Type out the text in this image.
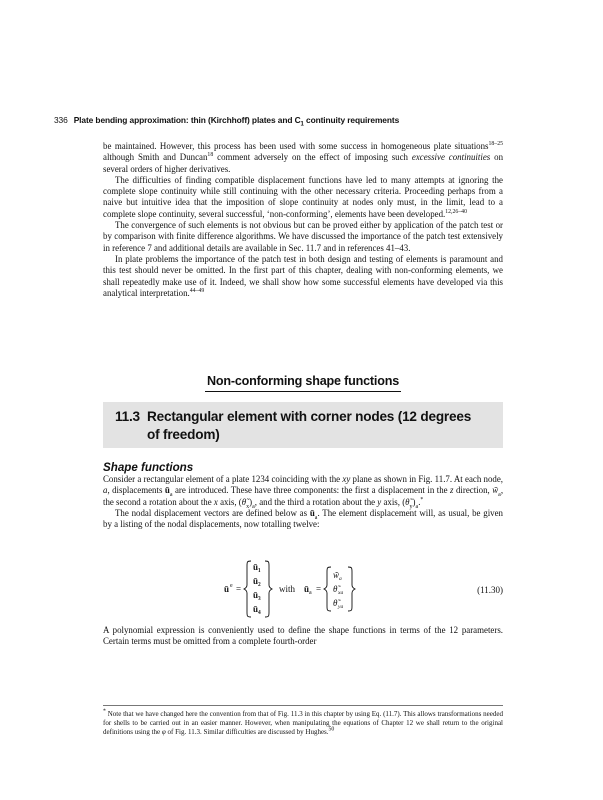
336 Plate bending approximation: thin (Kirchhoff) plates and $C_1$ continuity requirements

be maintained. However, this process has been used with some success in homogeneous plate situations$^{18-25}$ although Smith and Duncan$^{18}$ comment adversely on the effect of imposing such excessive continuities on several orders of higher derivatives.

The difficulties of finding compatible displacement functions have led to many attempts at ignoring the complete slope continuity while still continuing with the other necessary criteria. Proceeding perhaps from a naive but intuitive idea that the imposition of slope continuity at nodes only must, in the limit, lead to a complete slope continuity, several successful, ‘non-conforming’, elements have been developed.$^{12,26-40}$

The convergence of such elements is not obvious but can be proved either by application of the patch test or by comparison with finite difference algorithms. We have discussed the importance of the patch test extensively in reference 7 and additional details are available in Sec. 11.7 and in references 41–43.

In plate problems the importance of the patch test in both design and testing of elements is paramount and this test should never be omitted. In the first part of this chapter, dealing with non-conforming elements, we shall repeatedly make use of it. Indeed, we shall show how some successful elements have developed via this analytical interpretation.$^{44-49}$

Non-conforming shape functions
11.3 Rectangular element with corner nodes (12 degrees
of freedom)
Shape functions

Consider a rectangular element of a plate 1234 coinciding with the xy plane as shown in Fig. 11.7. At each node, a, displacements $ū_a$ are introduced. These have three components: the first a displacement in the z direction, $w̃_a$, the second a rotation about the x axis, $(\thetã_x)_a$, and the third a rotation about the y axis, $(\thetã_y)_a.^*$

The nodal displacement vectors are defined below as $ū_a$. The element displacement will, as usual, be given by a listing of the nodal displacements, now totalling twelve:

ū e =
ū₁
ū₂
ū₃
ū₄
with ū a =
w̃ a
θ̃ xa
θ̃ ya
(11.30)

A polynomial expression is conveniently used to define the shape functions in terms of the 12 parameters. Certain terms must be omitted from a complete fourth-order

* Note that we have changed here the convention from that of Fig. 11.3 in this chapter by using Eq. (11.7). This allows transformations needed for shells to be carried out in an easier manner. However, when manipulating the equations of Chapter 12 we shall return to the original definitions using the φ of Fig. 11.3. Similar difficulties are discussed by Hughes.$^{50}$
